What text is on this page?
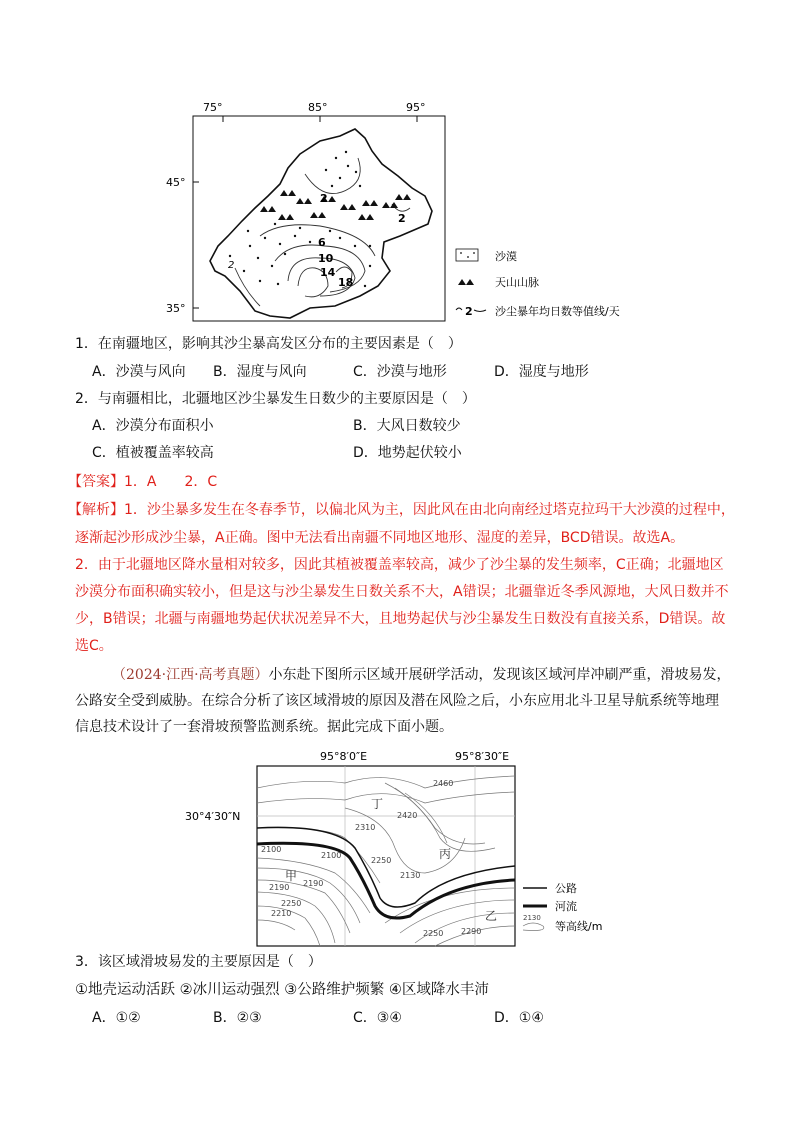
75°	85°	95°
45°
35°
2
2
6
10
14
18
2
沙漠
天山山脉
2 沙尘暴年均日数等值线/天
1．在南疆地区，影响其沙尘暴高发区分布的主要因素是（　）
A．沙漠与风向 B．湿度与风向	C．沙漠与地形	D．湿度与地形
2．与南疆相比，北疆地区沙尘暴发生日数少的主要原因是（　）
A．沙漠分布面积小	B．大风日数较少
C．植被覆盖率较高	D．地势起伏较小
【答案】1．A　　2．C
【解析】1．沙尘暴多发生在冬春季节，以偏北风为主，因此风在由北向南经过塔克拉玛干大沙漠的过程中，
逐渐起沙形成沙尘暴，A正确。图中无法看出南疆不同地区地形、湿度的差异，BCD错误。故选A。
2．由于北疆地区降水量相对较多，因此其植被覆盖率较高，减少了沙尘暴的发生频率，C正确；北疆地区
沙漠分布面积确实较小，但是这与沙尘暴发生日数关系不大，A错误；北疆靠近冬季风源地，大风日数并不
少，B错误；北疆与南疆地势起伏状况差异不大，且地势起伏与沙尘暴发生日数没有直接关系，D错误。故
选C。
（2024·江西·高考真题）小东赴下图所示区域开展研学活动，发现该区域河岸冲刷严重，滑坡易发，
公路安全受到威胁。在综合分析了该区域滑坡的原因及潜在风险之后，小东应用北斗卫星导航系统等地理
信息技术设计了一套滑坡预警监测系统。据此完成下面小题。
95°8′0″E	95°8′30″E
30°4′30″N
2460
2420
2310
2250
2130
2100
2100
2190
2190
2250
2210
2250 2290
丁
丙
甲
乙
公路
河流
2130
等高线/m
3．该区域滑坡易发的主要原因是（　）
①地壳运动活跃 ②冰川运动强烈 ③公路维护频繁 ④区域降水丰沛
A．①②	B．②③	C．③④	D．①④
